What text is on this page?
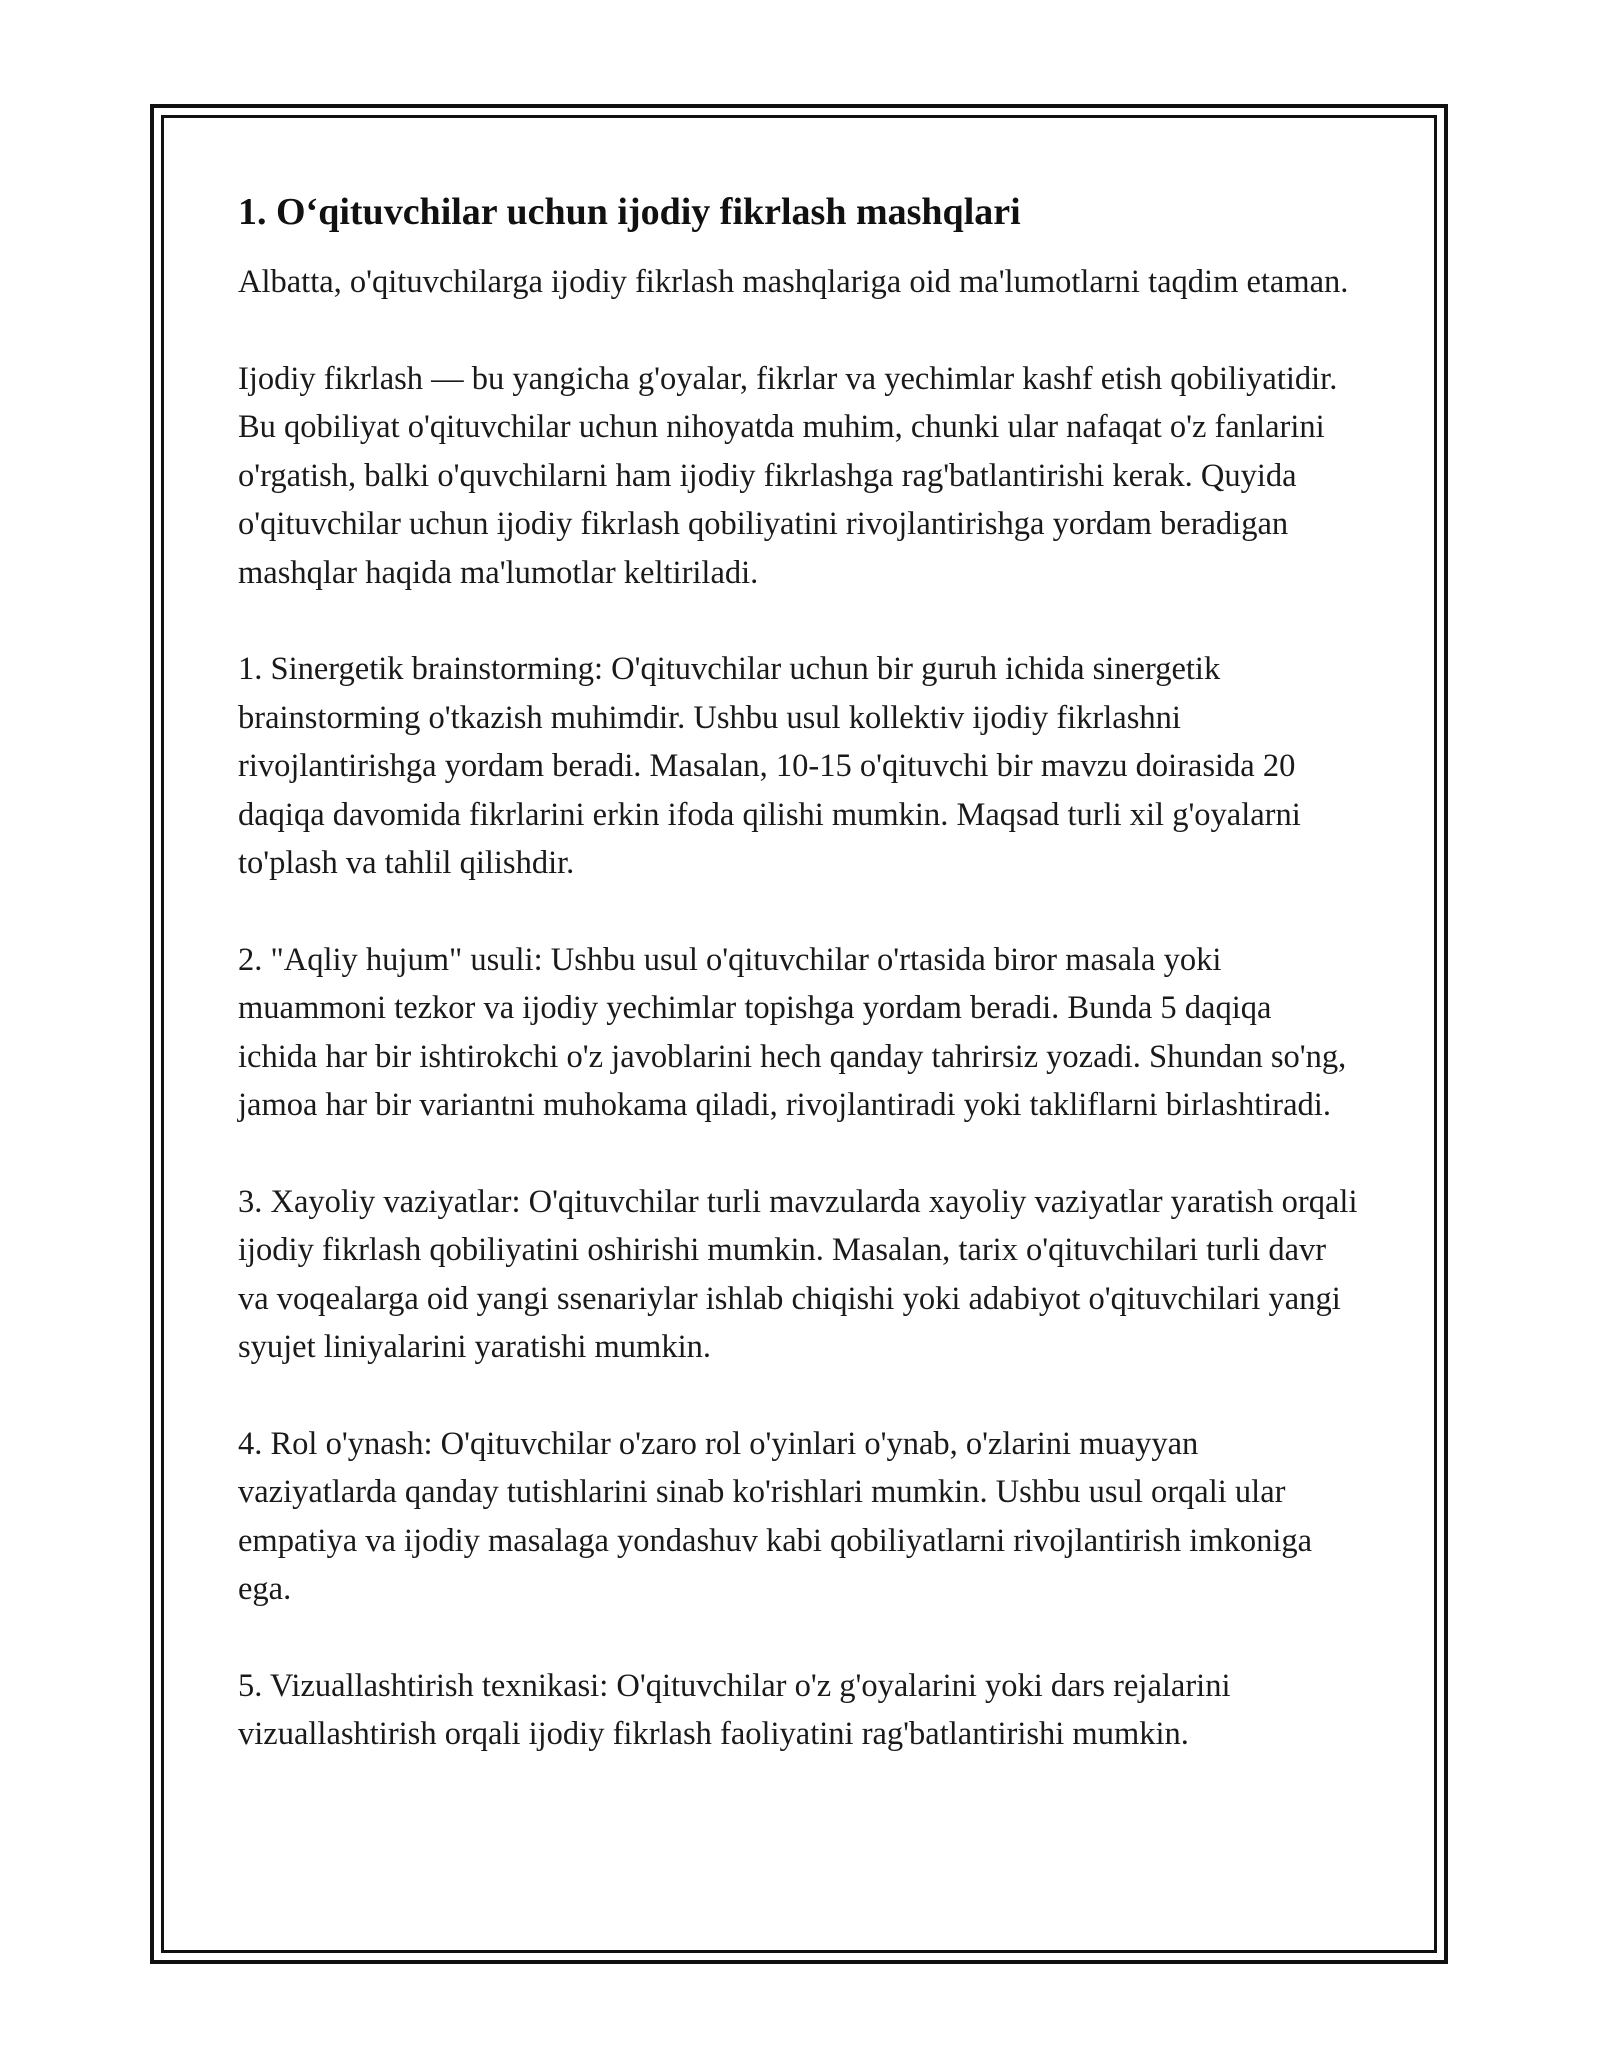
1. O‘qituvchilar uchun ijodiy fikrlash mashqlari

Albatta, o'qituvchilarga ijodiy fikrlash mashqlariga oid ma'lumotlarni taqdim etaman.

Ijodiy fikrlash — bu yangicha g'oyalar, fikrlar va yechimlar kashf etish qobiliyatidir. Bu qobiliyat o'qituvchilar uchun nihoyatda muhim, chunki ular nafaqat o'z fanlarini o'rgatish, balki o'quvchilarni ham ijodiy fikrlashga rag'batlantirishi kerak. Quyida o'qituvchilar uchun ijodiy fikrlash qobiliyatini rivojlantirishga yordam beradigan mashqlar haqida ma'lumotlar keltiriladi.

1. Sinergetik brainstorming: O'qituvchilar uchun bir guruh ichida sinergetik brainstorming o'tkazish muhimdir. Ushbu usul kollektiv ijodiy fikrlashni rivojlantirishga yordam beradi. Masalan, 10-15 o'qituvchi bir mavzu doirasida 20 daqiqa davomida fikrlarini erkin ifoda qilishi mumkin. Maqsad turli xil g'oyalarni to'plash va tahlil qilishdir.

2. "Aqliy hujum" usuli: Ushbu usul o'qituvchilar o'rtasida biror masala yoki muammoni tezkor va ijodiy yechimlar topishga yordam beradi. Bunda 5 daqiqa ichida har bir ishtirokchi o'z javoblarini hech qanday tahrirsiz yozadi. Shundan so'ng, jamoa har bir variantni muhokama qiladi, rivojlantiradi yoki takliflarni birlashtiradi.

3. Xayoliy vaziyatlar: O'qituvchilar turli mavzularda xayoliy vaziyatlar yaratish orqali ijodiy fikrlash qobiliyatini oshirishi mumkin. Masalan, tarix o'qituvchilari turli davr va voqealarga oid yangi ssenariylar ishlab chiqishi yoki adabiyot o'qituvchilari yangi syujet liniyalarini yaratishi mumkin.

4. Rol o'ynash: O'qituvchilar o'zaro rol o'yinlari o'ynab, o'zlarini muayyan vaziyatlarda qanday tutishlarini sinab ko'rishlari mumkin. Ushbu usul orqali ular empatiya va ijodiy masalaga yondashuv kabi qobiliyatlarni rivojlantirish imkoniga ega.

5. Vizuallashtirish texnikasi: O'qituvchilar o'z g'oyalarini yoki dars rejalarini vizuallashtirish orqali ijodiy fikrlash faoliyatini rag'batlantirishi mumkin.
